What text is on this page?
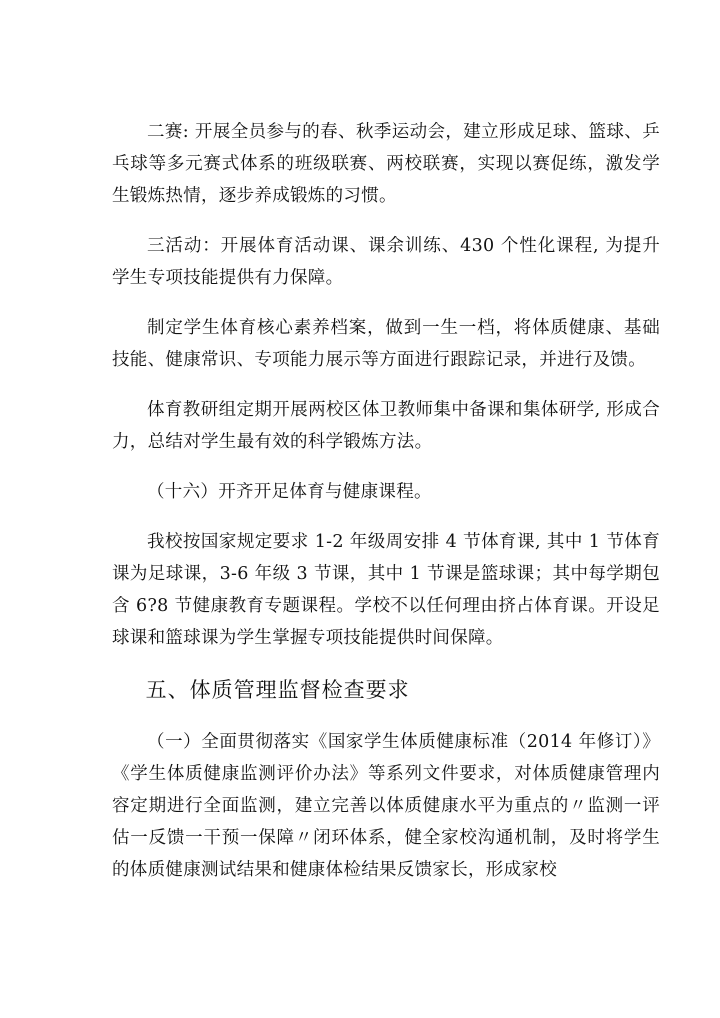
二赛: 开展全员参与的春、秋季运动会，建立形成足球、篮球、乒乓球等多元赛式体系的班级联赛、两校联赛，实现以赛促练，激发学生锻炼热情，逐步养成锻炼的习惯。

三活动：开展体育活动课、课余训练、430 个性化课程, 为提升学生专项技能提供有力保障。

制定学生体育核心素养档案，做到一生一档，将体质健康、基础技能、健康常识、专项能力展示等方面进行跟踪记录，并进行及馈。

体育教研组定期开展两校区体卫教师集中备课和集体研学, 形成合力，总结对学生最有效的科学锻炼方法。

（十六）开齐开足体育与健康课程。

我校按国家规定要求 1-2 年级周安排 4 节体育课, 其中 1 节体育课为足球课，3-6 年级 3 节课，其中 1 节课是篮球课；其中每学期包含 6?8 节健康教育专题课程。学校不以任何理由挤占体育课。开设足球课和篮球课为学生掌握专项技能提供时间保障。

五、体质管理监督检查要求

（一）全面贯彻落实《国家学生体质健康标准（2014 年修订）》《学生体质健康监测评价办法》等系列文件要求，对体质健康管理内容定期进行全面监测，建立完善以体质健康水平为重点的〃监测一评估一反馈一干预一保障〃闭环体系，健全家校沟通机制，及时将学生的体质健康测试结果和健康体检结果反馈家长，形成家校
